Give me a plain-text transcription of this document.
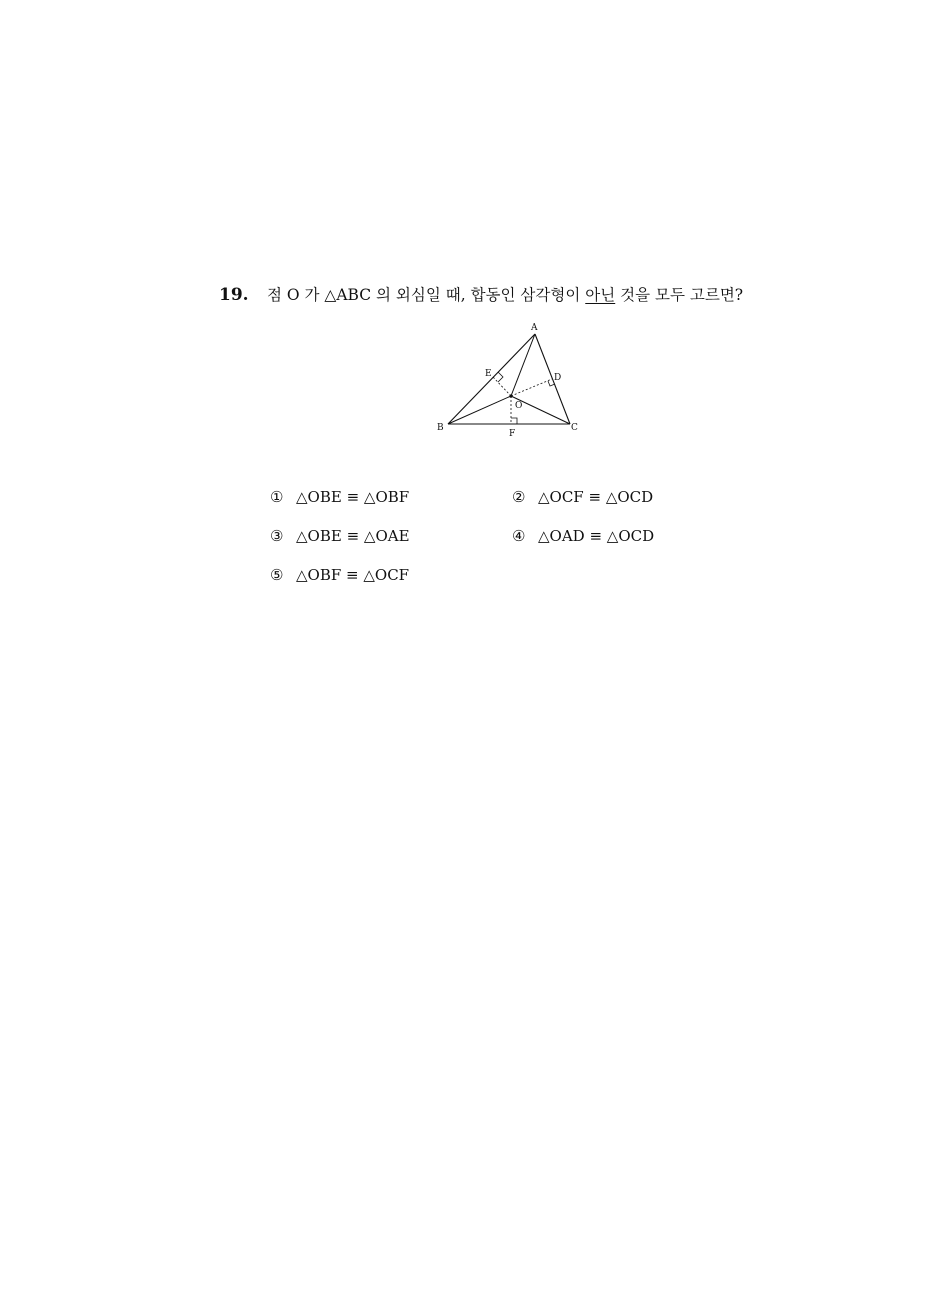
19. 점 O 가 △ABC 의 외심일 때, 합동인 삼각형이 아닌 것을 모두 고르면?
A
B	C
D
E
F
O
① △OBE ≡ △OBF	② △OCF ≡ △OCD
③ △OBE ≡ △OAE	④ △OAD ≡ △OCD
⑤ △OBF ≡ △OCF
